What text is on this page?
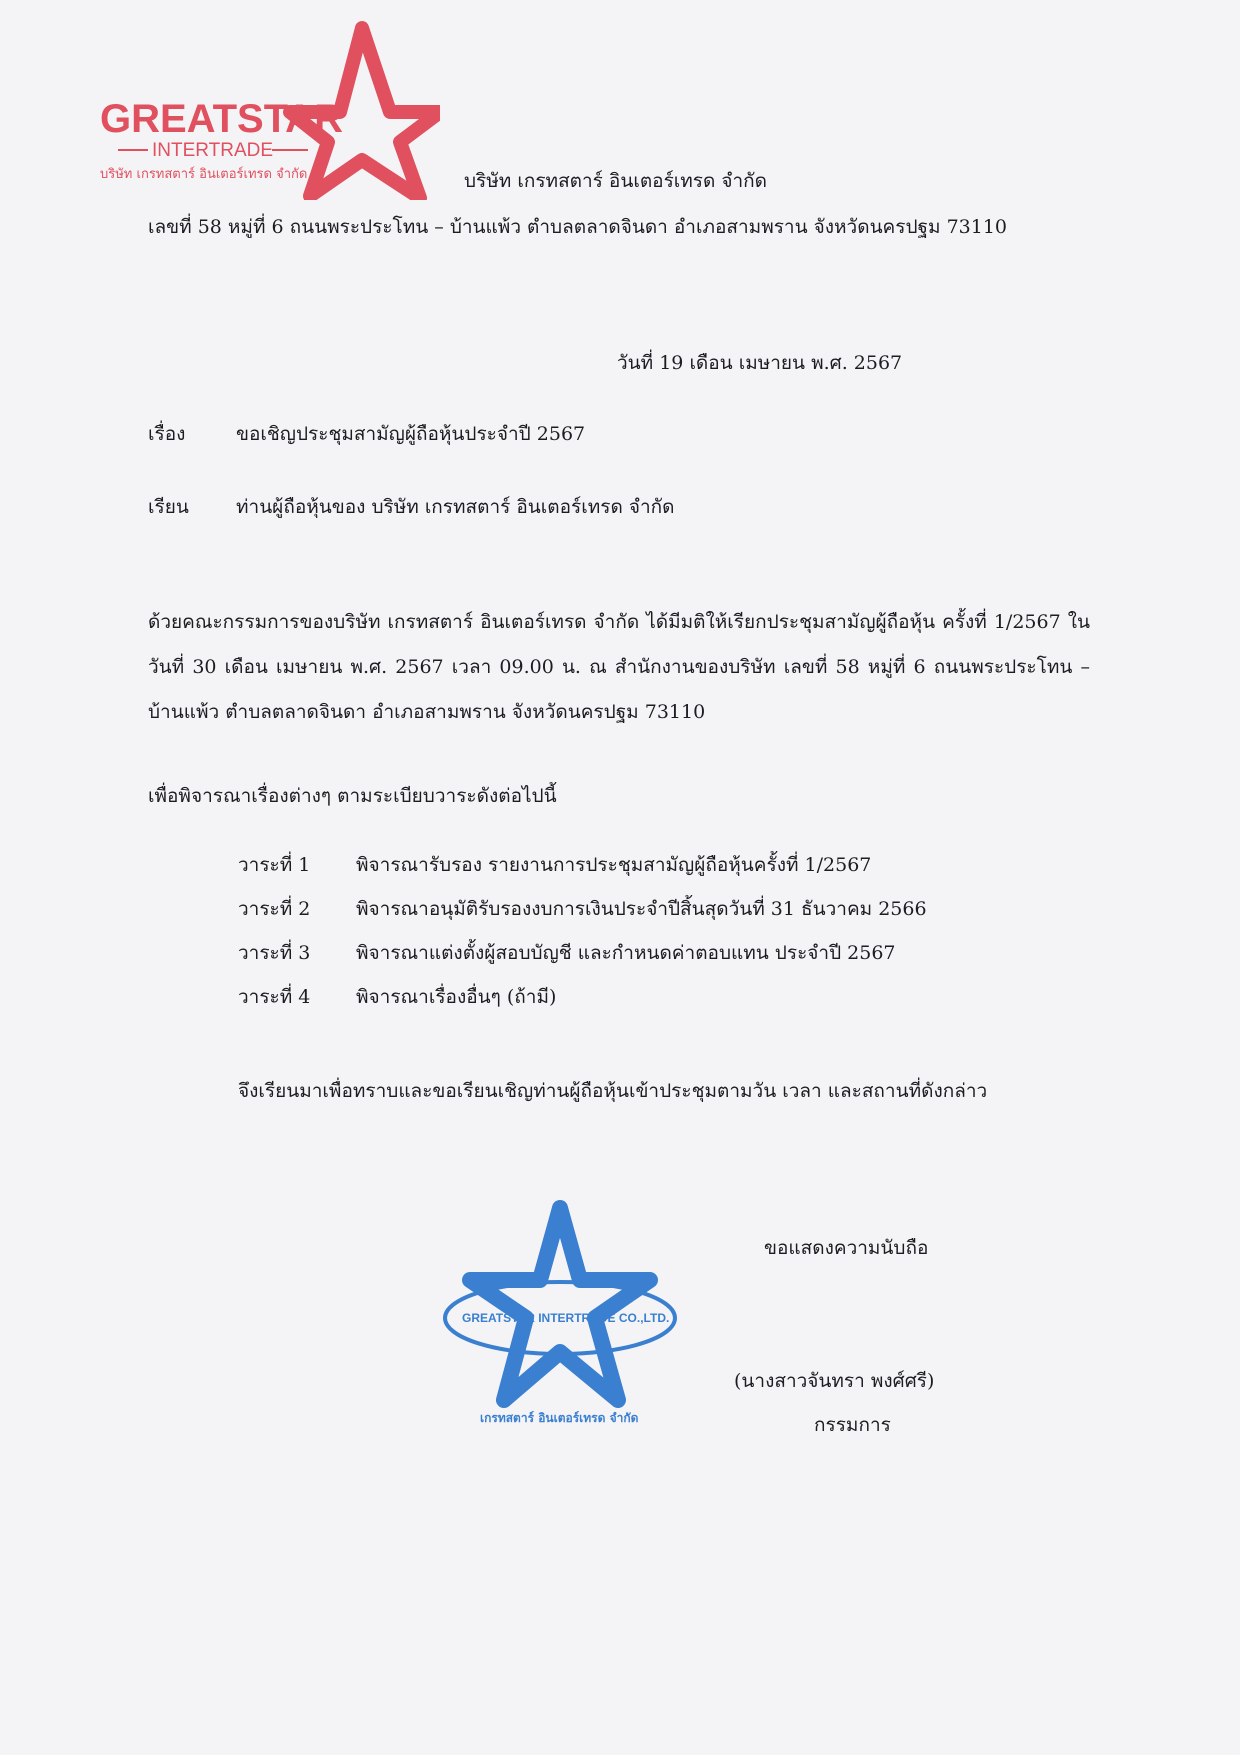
GREATSTAR
INTERTRADE
บริษัท เกรทสตาร์ อินเตอร์เทรด จำกัด	บริษัท เกรทสตาร์ อินเตอร์เทรด จำกัด
เลขที่ 58 หมู่ที่ 6 ถนนพระประโทน – บ้านแพ้ว ตำบลตลาดจินดา อำเภอสามพราน จังหวัดนครปฐม 73110
วันที่ 19 เดือน เมษายน พ.ศ. 2567
เรื่อง	ขอเชิญประชุมสามัญผู้ถือหุ้นประจำปี 2567
เรียน ท่านผู้ถือหุ้นของ บริษัท เกรทสตาร์ อินเตอร์เทรด จำกัด
ด้วยคณะกรรมการของบริษัท เกรทสตาร์ อินเตอร์เทรด จำกัด ได้มีมติให้เรียกประชุมสามัญผู้ถือหุ้น ครั้งที่ 1/2567 ในวันที่ 30 เดือน เมษายน พ.ศ. 2567 เวลา 09.00 น. ณ สำนักงานของบริษัท เลขที่ 58 หมู่ที่ 6 ถนนพระประโทน – บ้านแพ้ว ตำบลตลาดจินดา อำเภอสามพราน จังหวัดนครปฐม 73110
เพื่อพิจารณาเรื่องต่างๆ ตามระเบียบวาระดังต่อไปนี้
วาระที่ 1 พิจารณารับรอง รายงานการประชุมสามัญผู้ถือหุ้นครั้งที่ 1/2567
วาระที่ 2 พิจารณาอนุมัติรับรองงบการเงินประจำปีสิ้นสุดวันที่ 31 ธันวาคม 2566
วาระที่ 3 พิจารณาแต่งตั้งผู้สอบบัญชี และกำหนดค่าตอบแทน ประจำปี 2567
วาระที่ 4 พิจารณาเรื่องอื่นๆ (ถ้ามี)
จึงเรียนมาเพื่อทราบและขอเรียนเชิญท่านผู้ถือหุ้นเข้าประชุมตามวัน เวลา และสถานที่ดังกล่าว
ขอแสดงความนับถือ
GREATSTAR INTERTRADE CO.,LTD.
เกรทสตาร์ อินเตอร์เทรด จำกัด
(นางสาวจันทรา พงศ์ศรี)
กรรมการ
